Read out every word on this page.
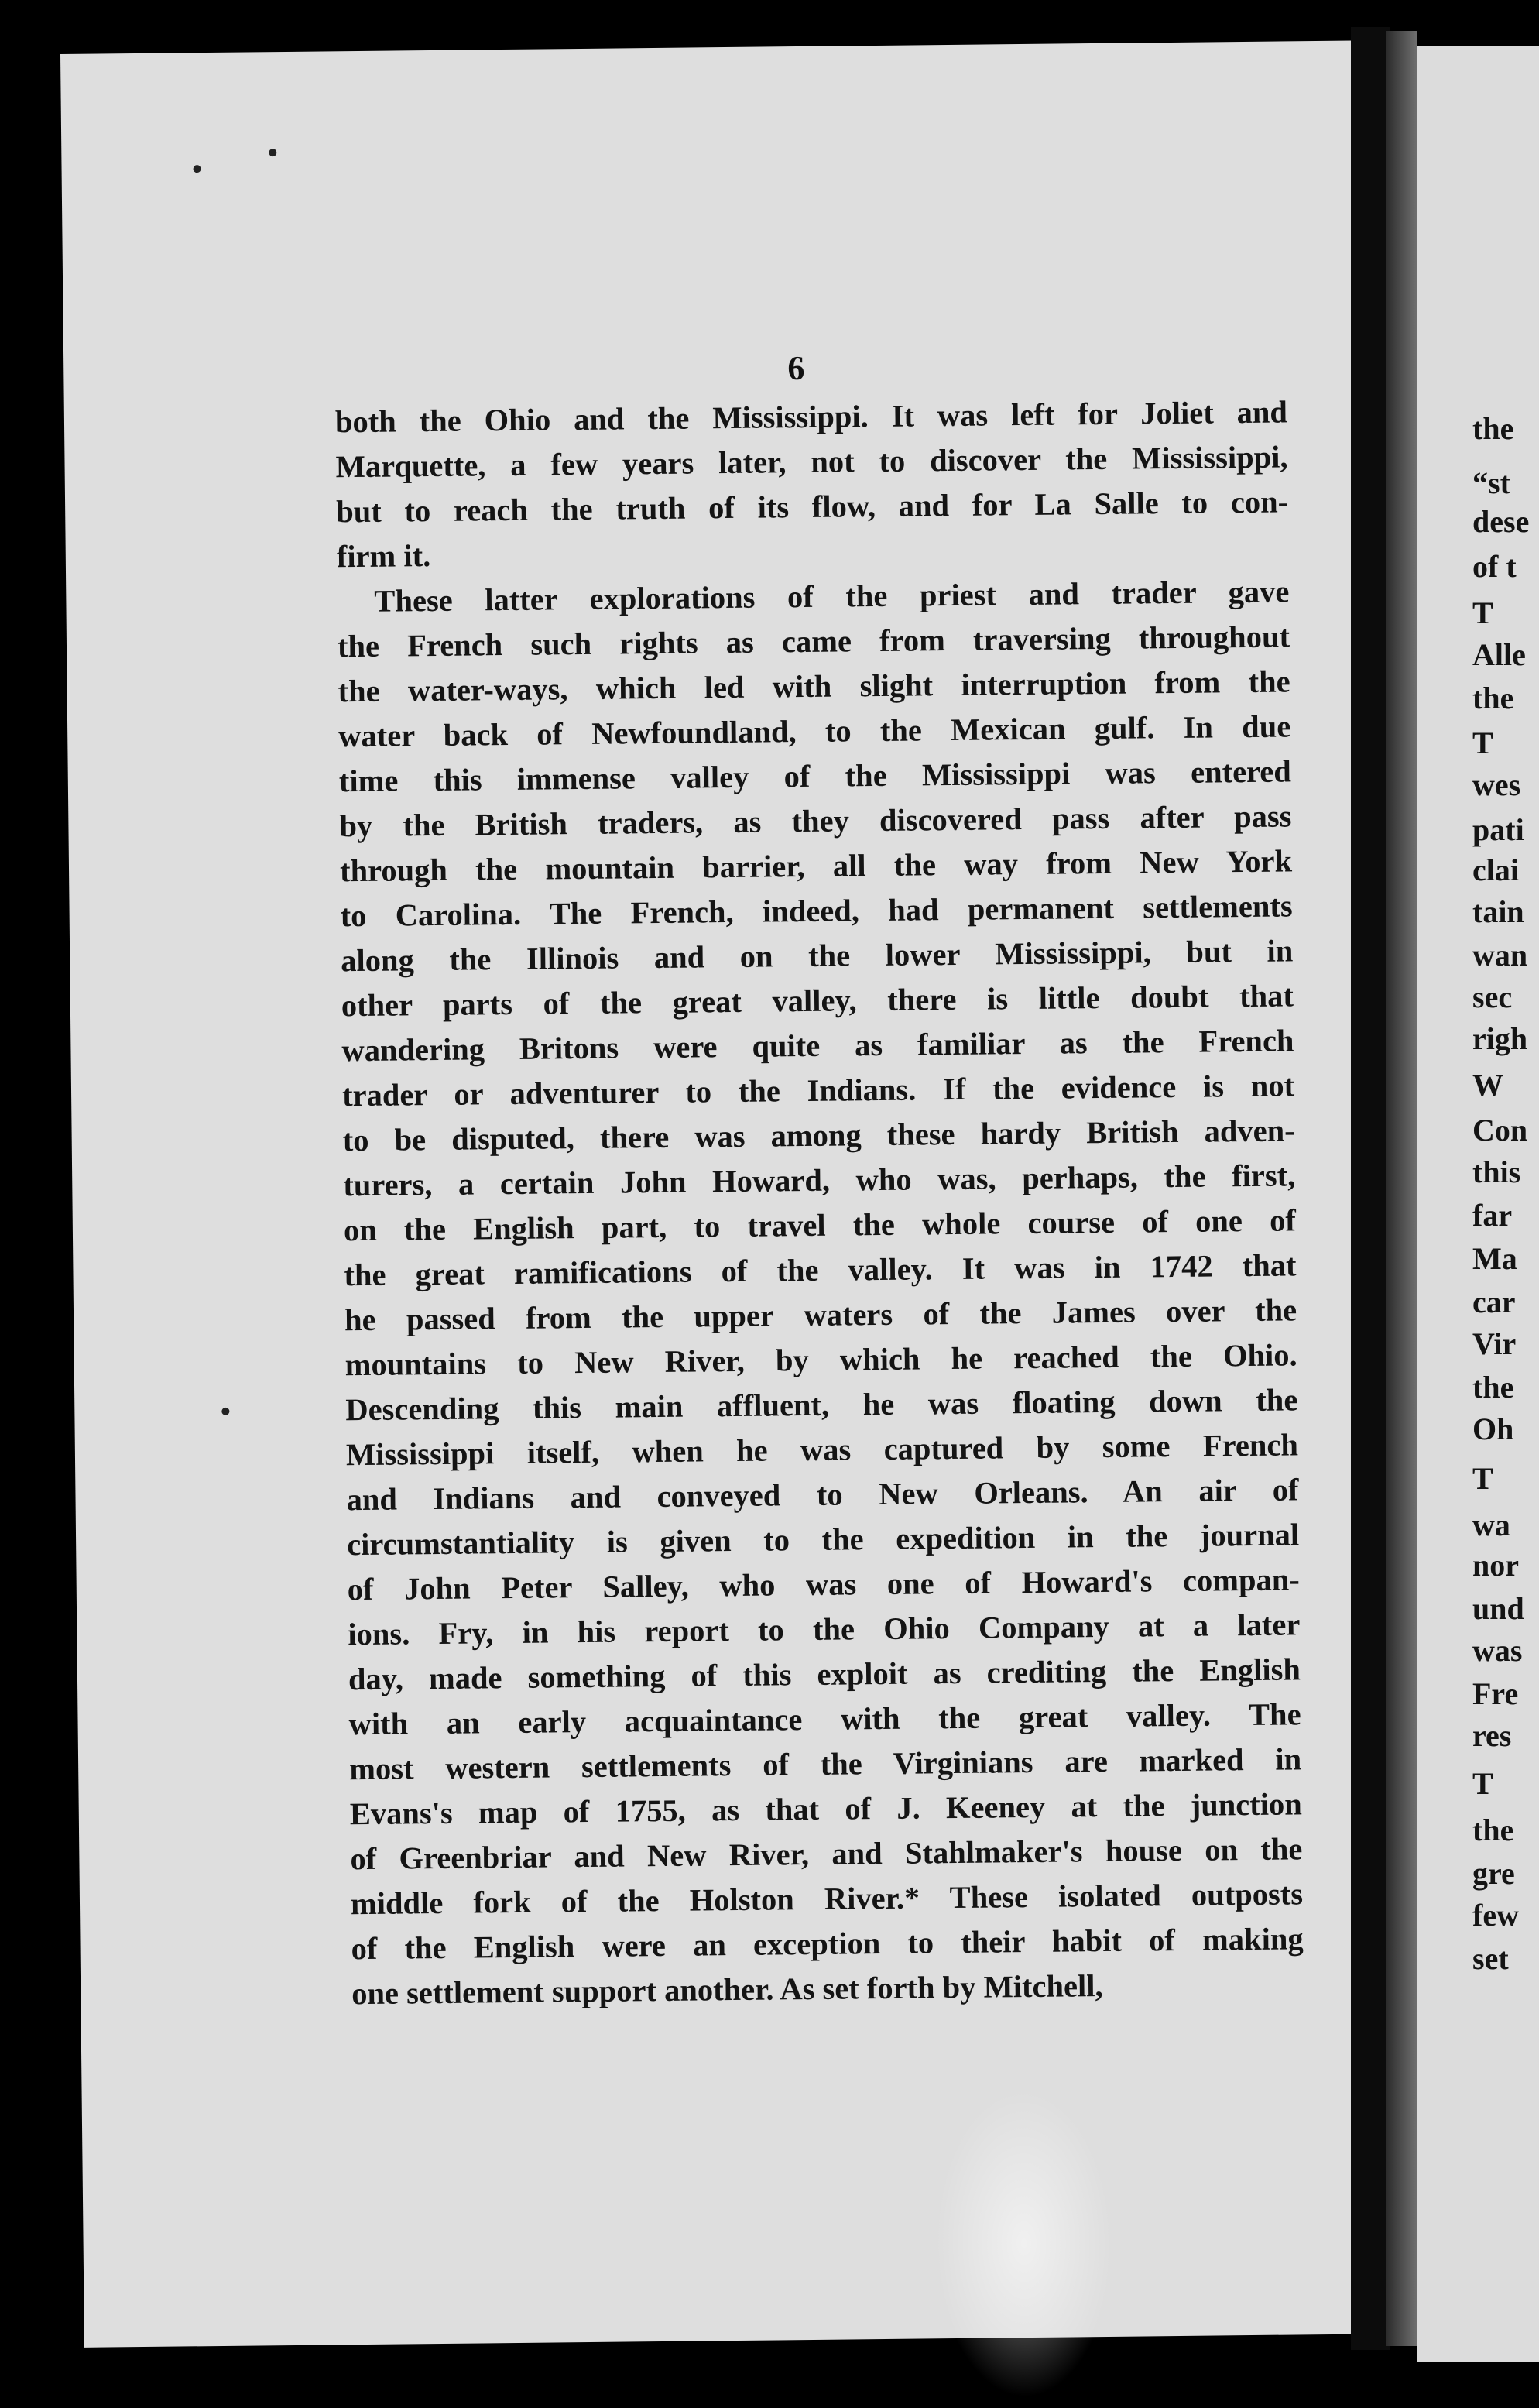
6

both the Ohio and the Mississippi. It was left for Joliet and
Marquette, a few years later, not to discover the Mississippi,
but to reach the truth of its flow, and for La Salle to con-
firm it.

These latter explorations of the priest and trader gave
the French such rights as came from traversing throughout
the water-ways, which led with slight interruption from the
water back of Newfoundland, to the Mexican gulf. In due
time this immense valley of the Mississippi was entered
by the British traders, as they discovered pass after pass
through the mountain barrier, all the way from New York
to Carolina. The French, indeed, had permanent settlements
along the Illinois and on the lower Mississippi, but in
other parts of the great valley, there is little doubt that
wandering Britons were quite as familiar as the French
trader or adventurer to the Indians. If the evidence is not
to be disputed, there was among these hardy British adven-
turers, a certain John Howard, who was, perhaps, the first,
on the English part, to travel the whole course of one of
the great ramifications of the valley. It was in 1742 that
he passed from the upper waters of the James over the
mountains to New River, by which he reached the Ohio.
Descending this main affluent, he was floating down the
Mississippi itself, when he was captured by some French
and Indians and conveyed to New Orleans. An air of
circumstantiality is given to the expedition in the journal
of John Peter Salley, who was one of Howard's compan-
ions. Fry, in his report to the Ohio Company at a later
day, made something of this exploit as crediting the English
with an early acquaintance with the great valley. The
most western settlements of the Virginians are marked in
Evans's map of 1755, as that of J. Keeney at the junction
of Greenbriar and New River, and Stahlmaker's house on the
middle fork of the Holston River.* These isolated outposts
of the English were an exception to their habit of making
one settlement support another. As set forth by Mitchell,

the
“st
dese
of t
T
Alle
the
T
wes
pati
clai
tain
wan
sec
righ
W
Con
this
far
Ma
car
Vir
the
Oh
T
wa
nor
und
was
Fre
res
T
the
gre
few
set
